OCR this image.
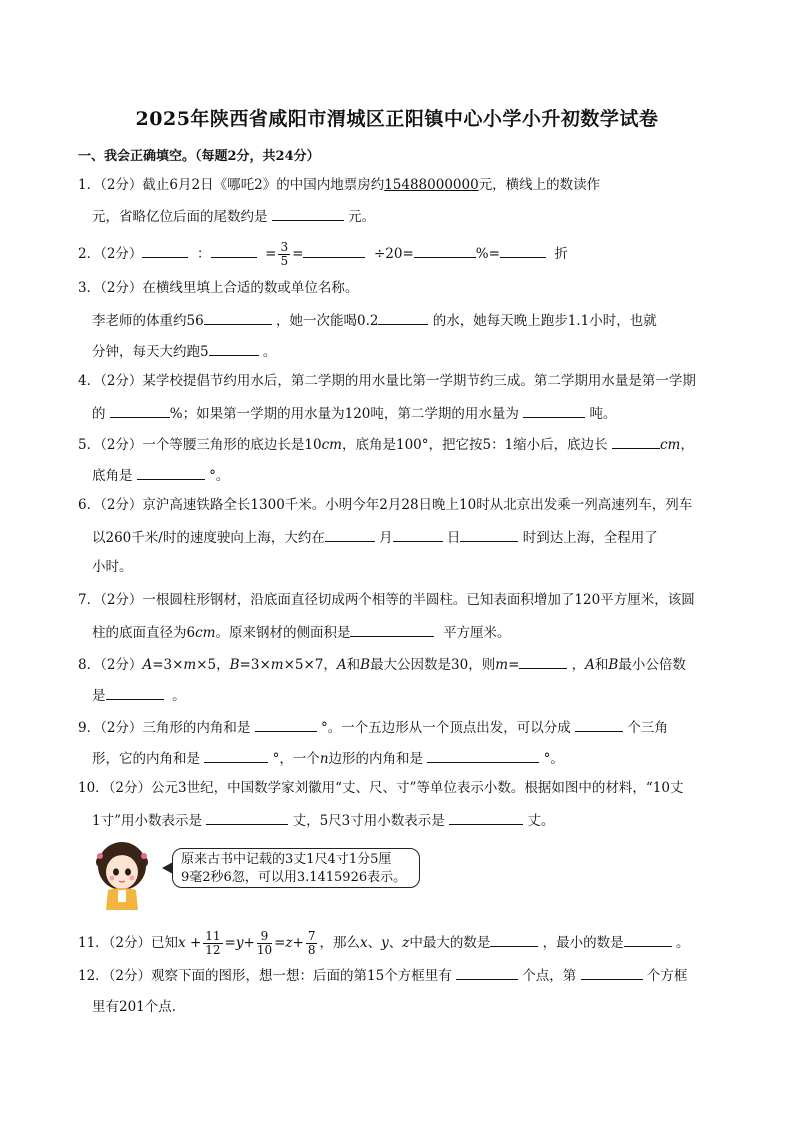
2025年陕西省咸阳市渭城区正阳镇中心小学小升初数学试卷
一、我会正确填空。（每题2分，共24分）
1．（2分）截止6月2日《哪吒2》的中国内地票房约15488000000元，横线上的数读作
元，省略亿位后面的尾数约是	元。
2．（2分）	：	= $\frac{3}{5}$ =	÷20=	%=	折
3．（2分）在横线里填上合适的数或单位名称。
李老师的体重约56	，她一次能喝0.2	的水，她每天晚上跑步1.1小时，也就
分钟，每天大约跑5	。
4．（2分）某学校提倡节约用水后，第二学期的用水量比第一学期节约三成。第二学期用水量是第一学期
的	%；如果第一学期的用水量为120吨，第二学期的用水量为	吨。
5．（2分）一个等腰三角形的底边长是10cm，底角是100°，把它按5：1缩小后，底边长	cm，
底角是	°。
6．（2分）京沪高速铁路全长1300千米。小明今年2月28日晚上10时从北京出发乘一列高速列车，列车
以260千米/时的速度驶向上海，大约在	月	日	时到达上海，全程用了
小时。
7．（2分）一根圆柱形钢材，沿底面直径切成两个相等的半圆柱。已知表面积增加了120平方厘米，该圆
柱的底面直径为6cm。原来钢材的侧面积是	平方厘米。
8．（2分）A=3×m×5，B=3×m×5×7，A和B最大公因数是30，则m=	，A和B最小公倍数
是	。
9．（2分）三角形的内角和是	°。一个五边形从一个顶点出发，可以分成	个三角
形，它的内角和是	°，一个n边形的内角和是	°。
10．（2分）公元3世纪，中国数学家刘徽用“丈、尺、寸”等单位表示小数。根据如图中的材料，“10丈
1寸”用小数表示是	丈，5尺3寸用小数表示是	丈。
原来古书中记载的3丈1尺4寸1分5厘
9毫2秒6忽，可以用3.1415926表示。
11．（2分）已知$x + \frac{11}{12} =y+ \frac{9}{10} =z+ \frac{7}{8}$ ，那么x、y、z中最大的数是	，最小的数是	。
12．（2分）观察下面的图形，想一想：后面的第15个方框里有	个点，第	个方框
里有201个点.
